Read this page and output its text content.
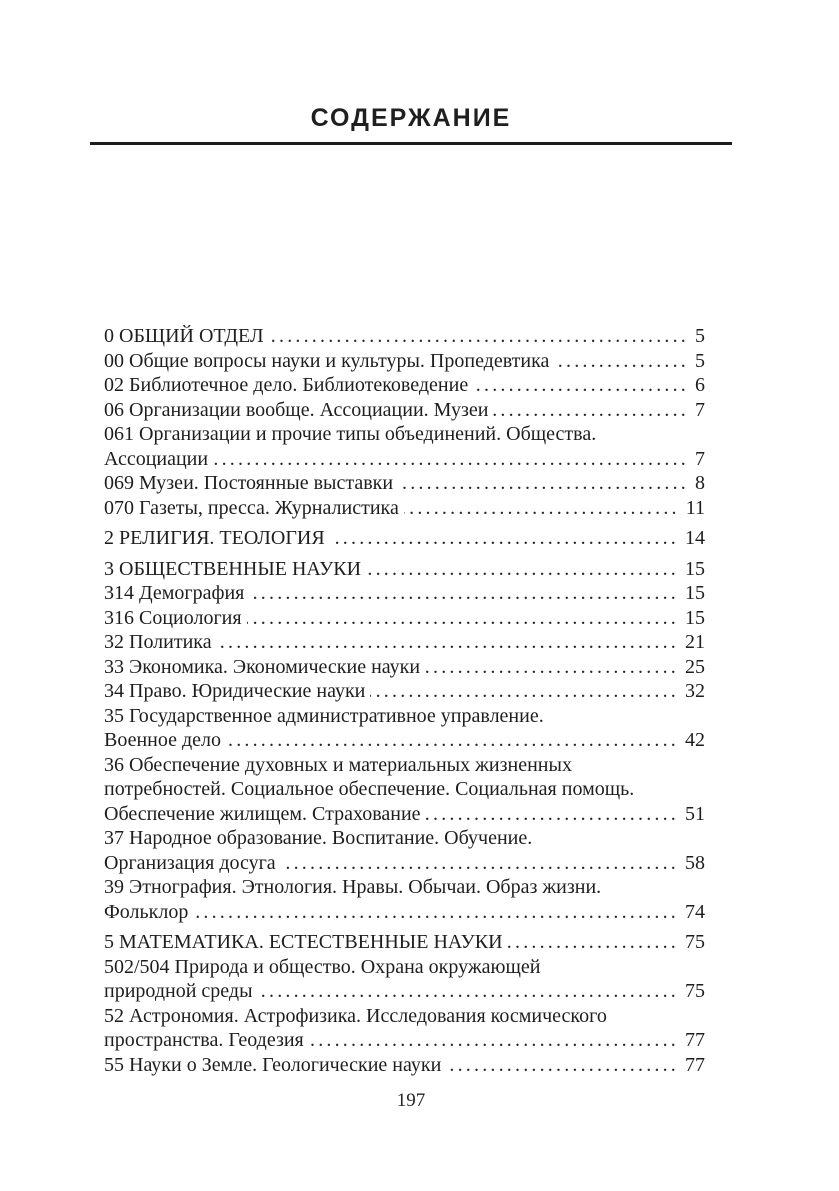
СОДЕРЖАНИЕ
0 ОБЩИЙ ОТДЕЛ .....	5
00 Общие вопросы науки и культуры. Пропедевтика .....	5
02 Библиотечное дело. Библиотековедение .....	6
06 Организации вообще. Ассоциации. Музеи .....	7
061 Организации и прочие типы объединений. Общества.
Ассоциации .....	7
069 Музеи. Постоянные выставки .....	8
070 Газеты, пресса. Журналистика .....	11
2 РЕЛИГИЯ. ТЕОЛОГИЯ .....	14
3 ОБЩЕСТВЕННЫЕ НАУКИ .....	15
314 Демография .....	15
316 Социология .....	15
32 Политика .....	21
33 Экономика. Экономические науки .....	25
34 Право. Юридические науки .....	32
35 Государственное административное управление.
Военное дело .....	42
36 Обеспечение духовных и материальных жизненных
потребностей. Социальное обеспечение. Социальная помощь.
Обеспечение жилищем. Страхование .....	51
37 Народное образование. Воспитание. Обучение.
Организация досуга .....	58
39 Этнография. Этнология. Нравы. Обычаи. Образ жизни.
Фольклор .....	74
5 МАТЕМАТИКА. ЕСТЕСТВЕННЫЕ НАУКИ .....	75
502/504 Природа и общество. Охрана окружающей
природной среды .....	75
52 Астрономия. Астрофизика. Исследования космического
пространства. Геодезия .....	77
55 Науки о Земле. Геологические науки .....	77
197
